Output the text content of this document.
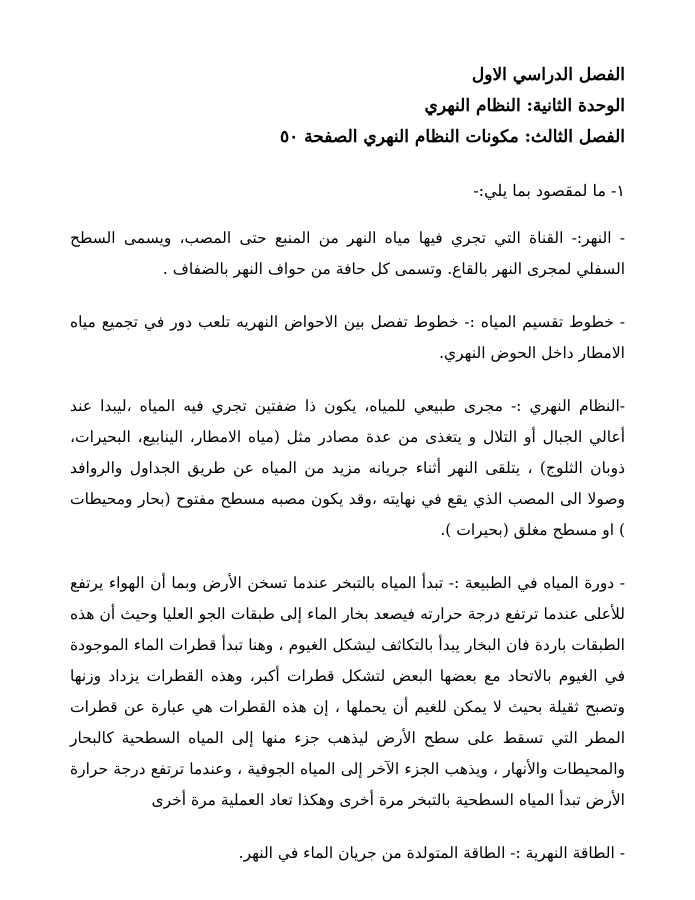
الفصل الدراسي الاول

الوحدة الثانية: النظام النهري

الفصل الثالث: مكونات النظام النهري الصفحة ٥٠

١- ما لمقصود بما يلي:-

- النهر:- القناة التي تجري فيها مياه النهر من المنبع حتى المصب، ويسمى السطح السفلي لمجرى النهر بالقاع. وتسمى كل حافة من حواف النهر بالضفاف .

- خطوط تقسيم المياه :- خطوط تفصل بين الاحواض النهريه تلعب دور في تجميع مياه الامطار داخل الحوض النهري.

-النظام النهري :- مجرى طبيعي للمياه، يكون ذا ضفتين تجري فيه المياه ،ليبدا عند أعالي الجبال أو التلال و يتغذى من عدة مصادر مثل (مياه الامطار، الينابيع، البحيرات، ذوبان الثلوج) ، يتلقى النهر أثناء جريانه مزيد من المياه عن طريق الجداول والروافد وصولا الى المصب الذي يقع في نهايته ،وقد يكون مصبه مسطح مفتوح (بحار ومحيطات ) او مسطح مغلق (بحيرات ).

- دورة المياه في الطبيعة :- تبدأ المياه بالتبخر عندما تسخن الأرض وبما أن الهواء يرتفع للأعلى عندما ترتفع درجة حرارته فيصعد بخار الماء إلى طبقات الجو العليا وحيث أن هذه الطبقات باردة فان البخار يبدأ بالتكاثف ليشكل الغيوم ، وهنا تبدأ قطرات الماء الموجودة في الغيوم بالاتحاد مع بعضها البعض لتشكل قطرات أكبر، وهذه القطرات يزداد وزنها وتصبح ثقيلة بحيث لا يمكن للغيم أن يحملها ، إن هذه القطرات هي عبارة عن قطرات المطر التي تسقط على سطح الأرض ليذهب جزء منها إلى المياه السطحية كالبحار والمحيطات والأنهار ، ويذهب الجزء الآخر إلى المياه الجوفية ، وعندما ترتفع درجة حرارة الأرض تبدأ المياه السطحية بالتبخر مرة أخرى وهكذا تعاد العملية مرة أخرى

- الطاقة النهرية :- الطاقة المتولدة من جريان الماء في النهر.
